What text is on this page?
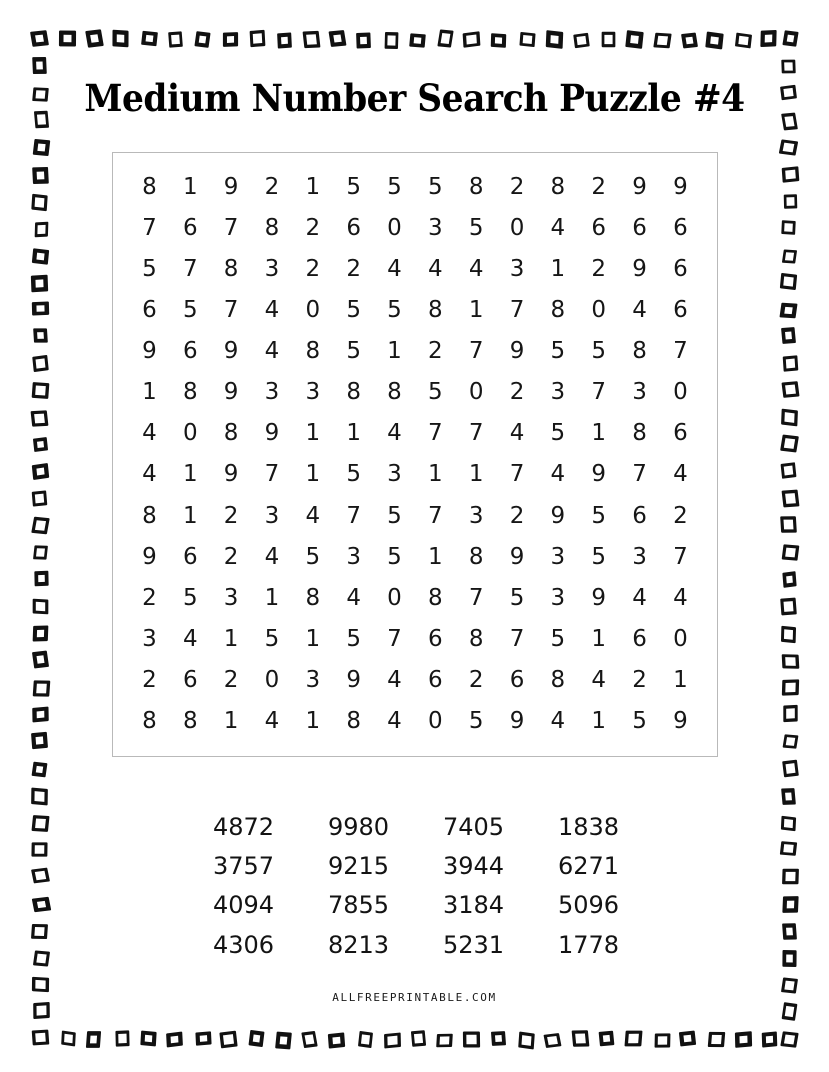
Medium Number Search Puzzle #4
8	1	9	2	1	5	5	5	8	2	8	2	9	9
7	6	7	8	2	6	0	3	5	0	4	6	6	6
5	7	8	3	2	2	4	4	4	3	1	2	9	6
6	5	7	4	0	5	5	8	1	7	8	0	4	6
9	6	9	4	8	5	1	2	7	9	5	5	8	7
1	8	9	3	3	8	8	5	0	2	3	7	3	0
4	0	8	9	1	1	4	7	7	4	5	1	8	6
4	1	9	7	1	5	3	1	1	7	4	9	7	4
8	1	2	3	4	7	5	7	3	2	9	5	6	2
9	6	2	4	5	3	5	1	8	9	3	5	3	7
2	5	3	1	8	4	0	8	7	5	3	9	4	4
3	4	1	5	1	5	7	6	8	7	5	1	6	0
2	6	2	0	3	9	4	6	2	6	8	4	2	1
8	8	1	4	1	8	4	0	5	9	4	1	5	9
4872	9980	7405	1838
3757	9215	3944	6271
4094	7855	3184	5096
4306	8213	5231	1778
ALLFREEPRINTABLE.COM
